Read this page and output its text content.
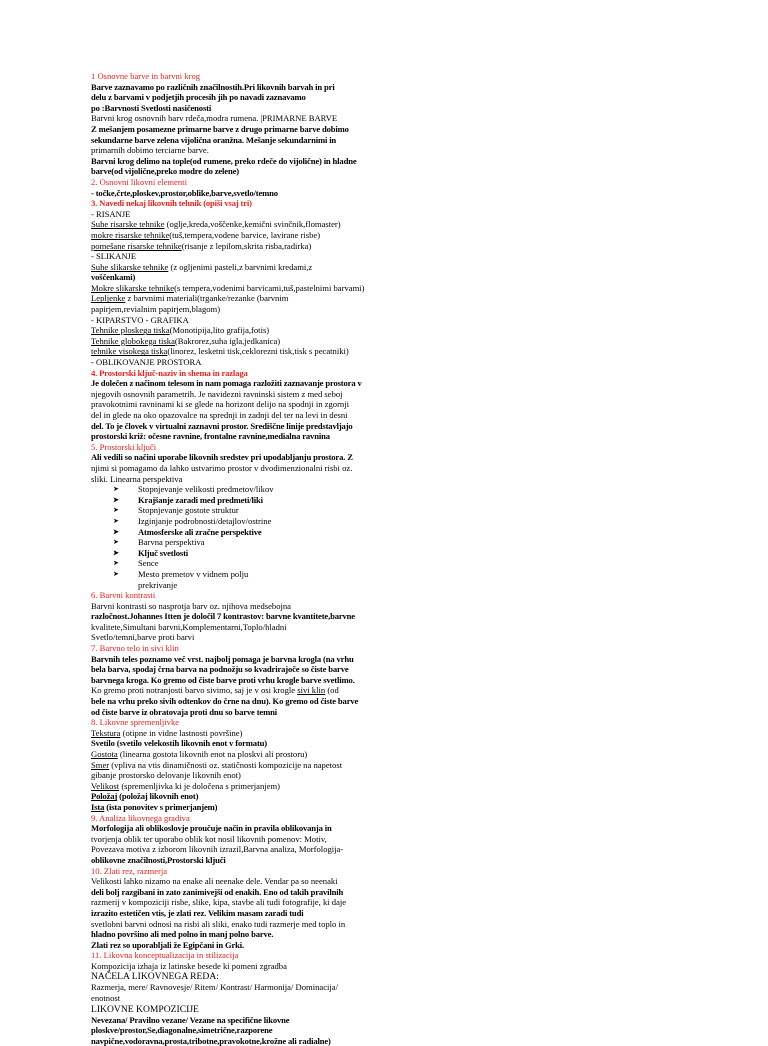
1 Osnovne barve in barvni krog
Barve zaznavamo po različnih značilnostih.Pri likovnih barvah in pri
delu z barvami v podjetjih procesih jih po navadi zaznavamo
po :Barvnosti Svetlosti nasičenosti
Barvni krog osnovnih barv rdeča,modra rumena. |PRIMARNE BARVE
Z mešanjem posamezne primarne barve z drugo primarne barve dobimo
sekundarne barve zelena vijolična oranžna. Mešanje sekundarnimi in
primarnih dobimo terciarne barve.
Barvni krog delimo na tople(od rumene, preko rdeče do vijolične) in hladne
barve(od vijolične,preko modre do zelene)
2. Osnovni likovni elementi
- točke,črte,ploskev,prostor,oblike,barve,svetlo/temno
3. Navedi nekaj likovnih tehnik (opiši vsaj tri)
- RISANJE
Suhe risarske tehnike (oglje,kreda,voščenke,kemični svinčnik,flomaster)
mokre risarske tehnike(tuš,tempera,vodene barvice, lavirane risbe)
pomešane risarske tehnike(risanje z lepilom,skrita risba,radirka)
- SLIKANJE
Suhe slikarske tehnike (z ogljenimi pasteli,z barvnimi kredami,z
voščenkami)
Mokre slikarske tehnike(s tempera,vodenimi barvicami,tuš,pastelnimi barvami)
Lepljenke z barvnimi materiali(trganke/rezanke (barvnim
papirjem,revialnim papirjem,blagom)
- KIPARSTVO - GRAFIKA
Tehnike ploskega tiska(Monotipija,lito grafija,fotis)
Tehnike globokega tiska(Bakrorez,suha igla,jedkanica)
tehnike visokega tiska(linorez, lesketni tisk,ceklorezni tisk,tisk s pecatniki)
- OBLIKOVANJE PROSTORA
4. Prostorski ključ-naziv in shema in razlaga
Je dolečen z načinom telesom in nam pomaga razložiti zaznavanje prostora v
njegovih osnovnih parametrih. Je navidezni ravninski sistem z med seboj
pravokotnimi ravninami ki se glede na horizont delijo na spodnji in zgornji
del in glede na oko opazovalce na sprednji in zadnji del ter na levi in desni
del. To je človek v virtualni zaznavni prostor. Središčne linije predstavljajo
prostorski križ: očesne ravnine, frontalne ravnine,medialna ravnina
5. Prostorski ključi
Ali vedili so načini uporabe likovnih sredstev pri upodabljanju prostora. Z
njimi si pomagamo da lahko ustvarimo prostor v dvodimenzionalni risbi oz.
sliki. Linearna perspektiva
➤ Stopnjevanje velikosti predmetov/likov
➤ Krajšanje zaradi med predmeti/liki
➤ Stopnjevanje gostote struktur
➤ Izginjanje podrobnosti/detajlov/ostrine
➤ Atmosferske ali zračne perspektive
➤ Barvna perspektiva
➤ Ključ svetlosti
➤ Sence
➤ Mesto premetov v vidnem polju
prekrivanje
6. Barvni kontrasti
Barvni kontrasti so nasprotja barv oz. njihova medsebojna
razločnost.Johannes Itten je določil 7 kontrastov: barvne kvantitete,barvne
kvalitete,Simultani barvni,Komplementarni,Toplo/hladni
Svetlo/temni,barve proti barvi
7. Barvno telo in sivi klin
Barvnih teles poznamo več vrst. najbolj pomaga je barvna krogla (na vrhu
bela barva, spodaj črna barva na podnožju so kvadrirajoče so čiste barve
barvnega kroga. Ko gremo od čiste barve proti vrhu krogle barve svetlimo.
Ko gremo proti notranjosti barvo sivimo, saj je v osi krogle sivi klin (od
bele na vrhu preko sivih odtenkov do črne na dnu). Ko gremo od čiste barve
od čiste barve iz obratovaja proti dnu so barve temni
8. Likovne spremenljivke
Tekstura (otipne in vidne lastnosti površine)
Svetilo (svetilo velekostih likovnih enot v formatu)
Gostota (linearna gostota likovnih enot na ploskvi ali prostoru)
Smer (vpliva na vtis dinamičnosti oz. statičnosti kompozicije na napetost
gibanje prostorsko delovanje likovnih enot)
Velikost (spremenljivka ki je določena s primerjanjem)
Položaj (položaj likovnih enot)
Ista (ista ponovitev s primerjanjem)
9. Analiza likovnega gradiva
Morfologija ali oblikoslovje proučuje način in pravila oblikovanja in
tvorjenja oblik ter uporabo oblik kot nosil likovnih pomenov: Motiv,
Povezava motiva z izborom likovnih izrazil,Barvna analiza, Morfologija-
oblikovne značilnosti,Prostorski ključi
10. Zlati rez, razmerja
Velikosti lahko nizamo na enake ali neenake dele. Vendar pa so neenaki
deli bolj razgibani in zato zanimivejši od enakih. Eno od takih pravilnih
razmerij v kompoziciji risbe, slike, kipa, stavbe ali tudi fotografije, ki daje
izrazito estetičen vtis, je zlati rez. Velikim masam zaradi tudi
svetlobni barvni odnosi na risbi ali sliki, enako tudi razmerje med toplo in
hladno površino ali med polno in manj polno barve.
Zlati rez so uporabljali že Egipčani in Grki.
11. Likovna konceptualizacija in stilizacija
Kompozicija izhaja iz latinske besede ki pomeni zgradba
NAČELA LIKOVNEGA REDA:
Razmerja, mere/ Ravnovesje/ Ritem/ Kontrast/ Harmonija/ Dominacija/
enotnost
LIKOVNE KOMPOZICIJE
Nevezana/ Pravilno vezane/ Vezane na specifične likovne
ploskve/prostor,Se,diagonalne,simetrične,razporene
navpične,vodoravna,prosta,tribotne,pravokotne,krožne ali radialne)
